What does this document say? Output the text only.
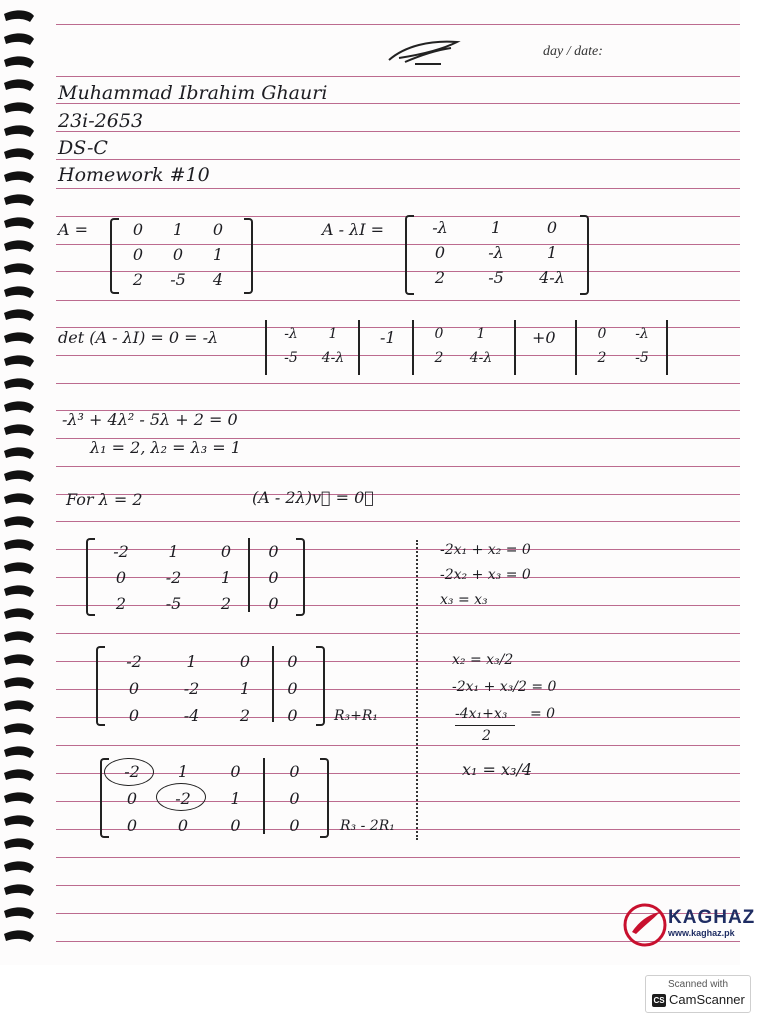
day / date:
Muhammad Ibrahim Ghauri
23i-2653
DS-C
Homework #10
A =	0	1	0
0	0	1
2	-5	4
A - λI =	-λ	1	0
0	-λ	1
2	-5	4-λ
det (A - λI) = 0 = -λ	-λ	1
-5	4-λ
-1	0	1
2	4-λ
+0	0	-λ
2	-5
-λ³ + 4λ² - 5λ + 2 = 0
λ₁ = 2, λ₂ = λ₃ = 1
For λ = 2	(A - 2λ)v⃗ = 0⃗
-2	1	0	0
0	-2	1	0
2	-5	2	0
-2x₁ + x₂ = 0
-2x₂ + x₃ = 0
x₃ = x₃
-2	1	0	0
0	-2	1	0
0	-4	2	0	R₃+R₁
x₂ = x₃/2
-2x₁ + x₃/2 = 0
-4x₁+x₃ = 0
2
x₁ = x₃/4
-2	1	0	0
0	-2	1	0
0	0	0	0	R₃ - 2R₁
KAGHAZ
www.kaghaz.pk
Scanned with
CS CamScanner
